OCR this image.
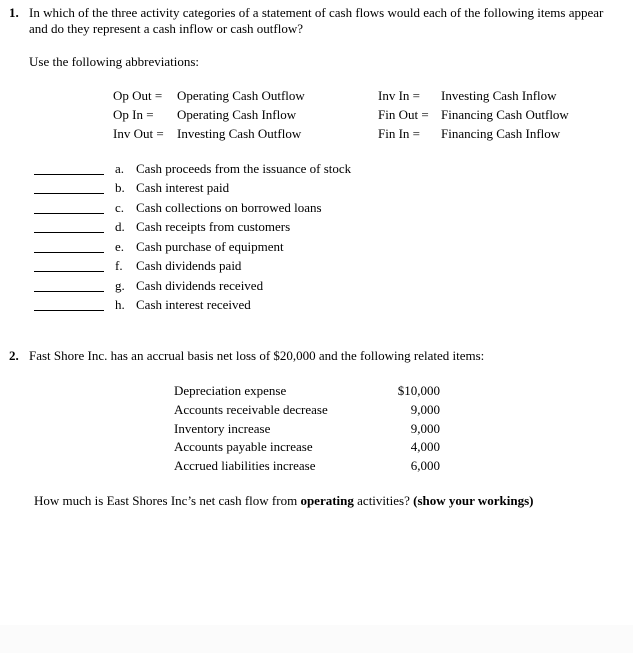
1. In which of the three activity categories of a statement of cash flows would each of the following items appear and do they represent a cash inflow or cash outflow?
Use the following abbreviations:
Op Out = Operating Cash Outflow
Op In = Operating Cash Inflow
Inv Out = Investing Cash Outflow
Inv In = Investing Cash Inflow
Fin Out = Financing Cash Outflow
Fin In = Financing Cash Inflow
a. Cash proceeds from the issuance of stock
b. Cash interest paid
c. Cash collections on borrowed loans
d. Cash receipts from customers
e. Cash purchase of equipment
f. Cash dividends paid
g. Cash dividends received
h. Cash interest received
2. Fast Shore Inc. has an accrual basis net loss of $20,000 and the following related items:
Depreciation expense	$10,000
Accounts receivable decrease	9,000
Inventory increase	9,000
Accounts payable increase	4,000
Accrued liabilities increase	6,000
How much is East Shores Inc’s net cash flow from operating activities? (show your workings)
